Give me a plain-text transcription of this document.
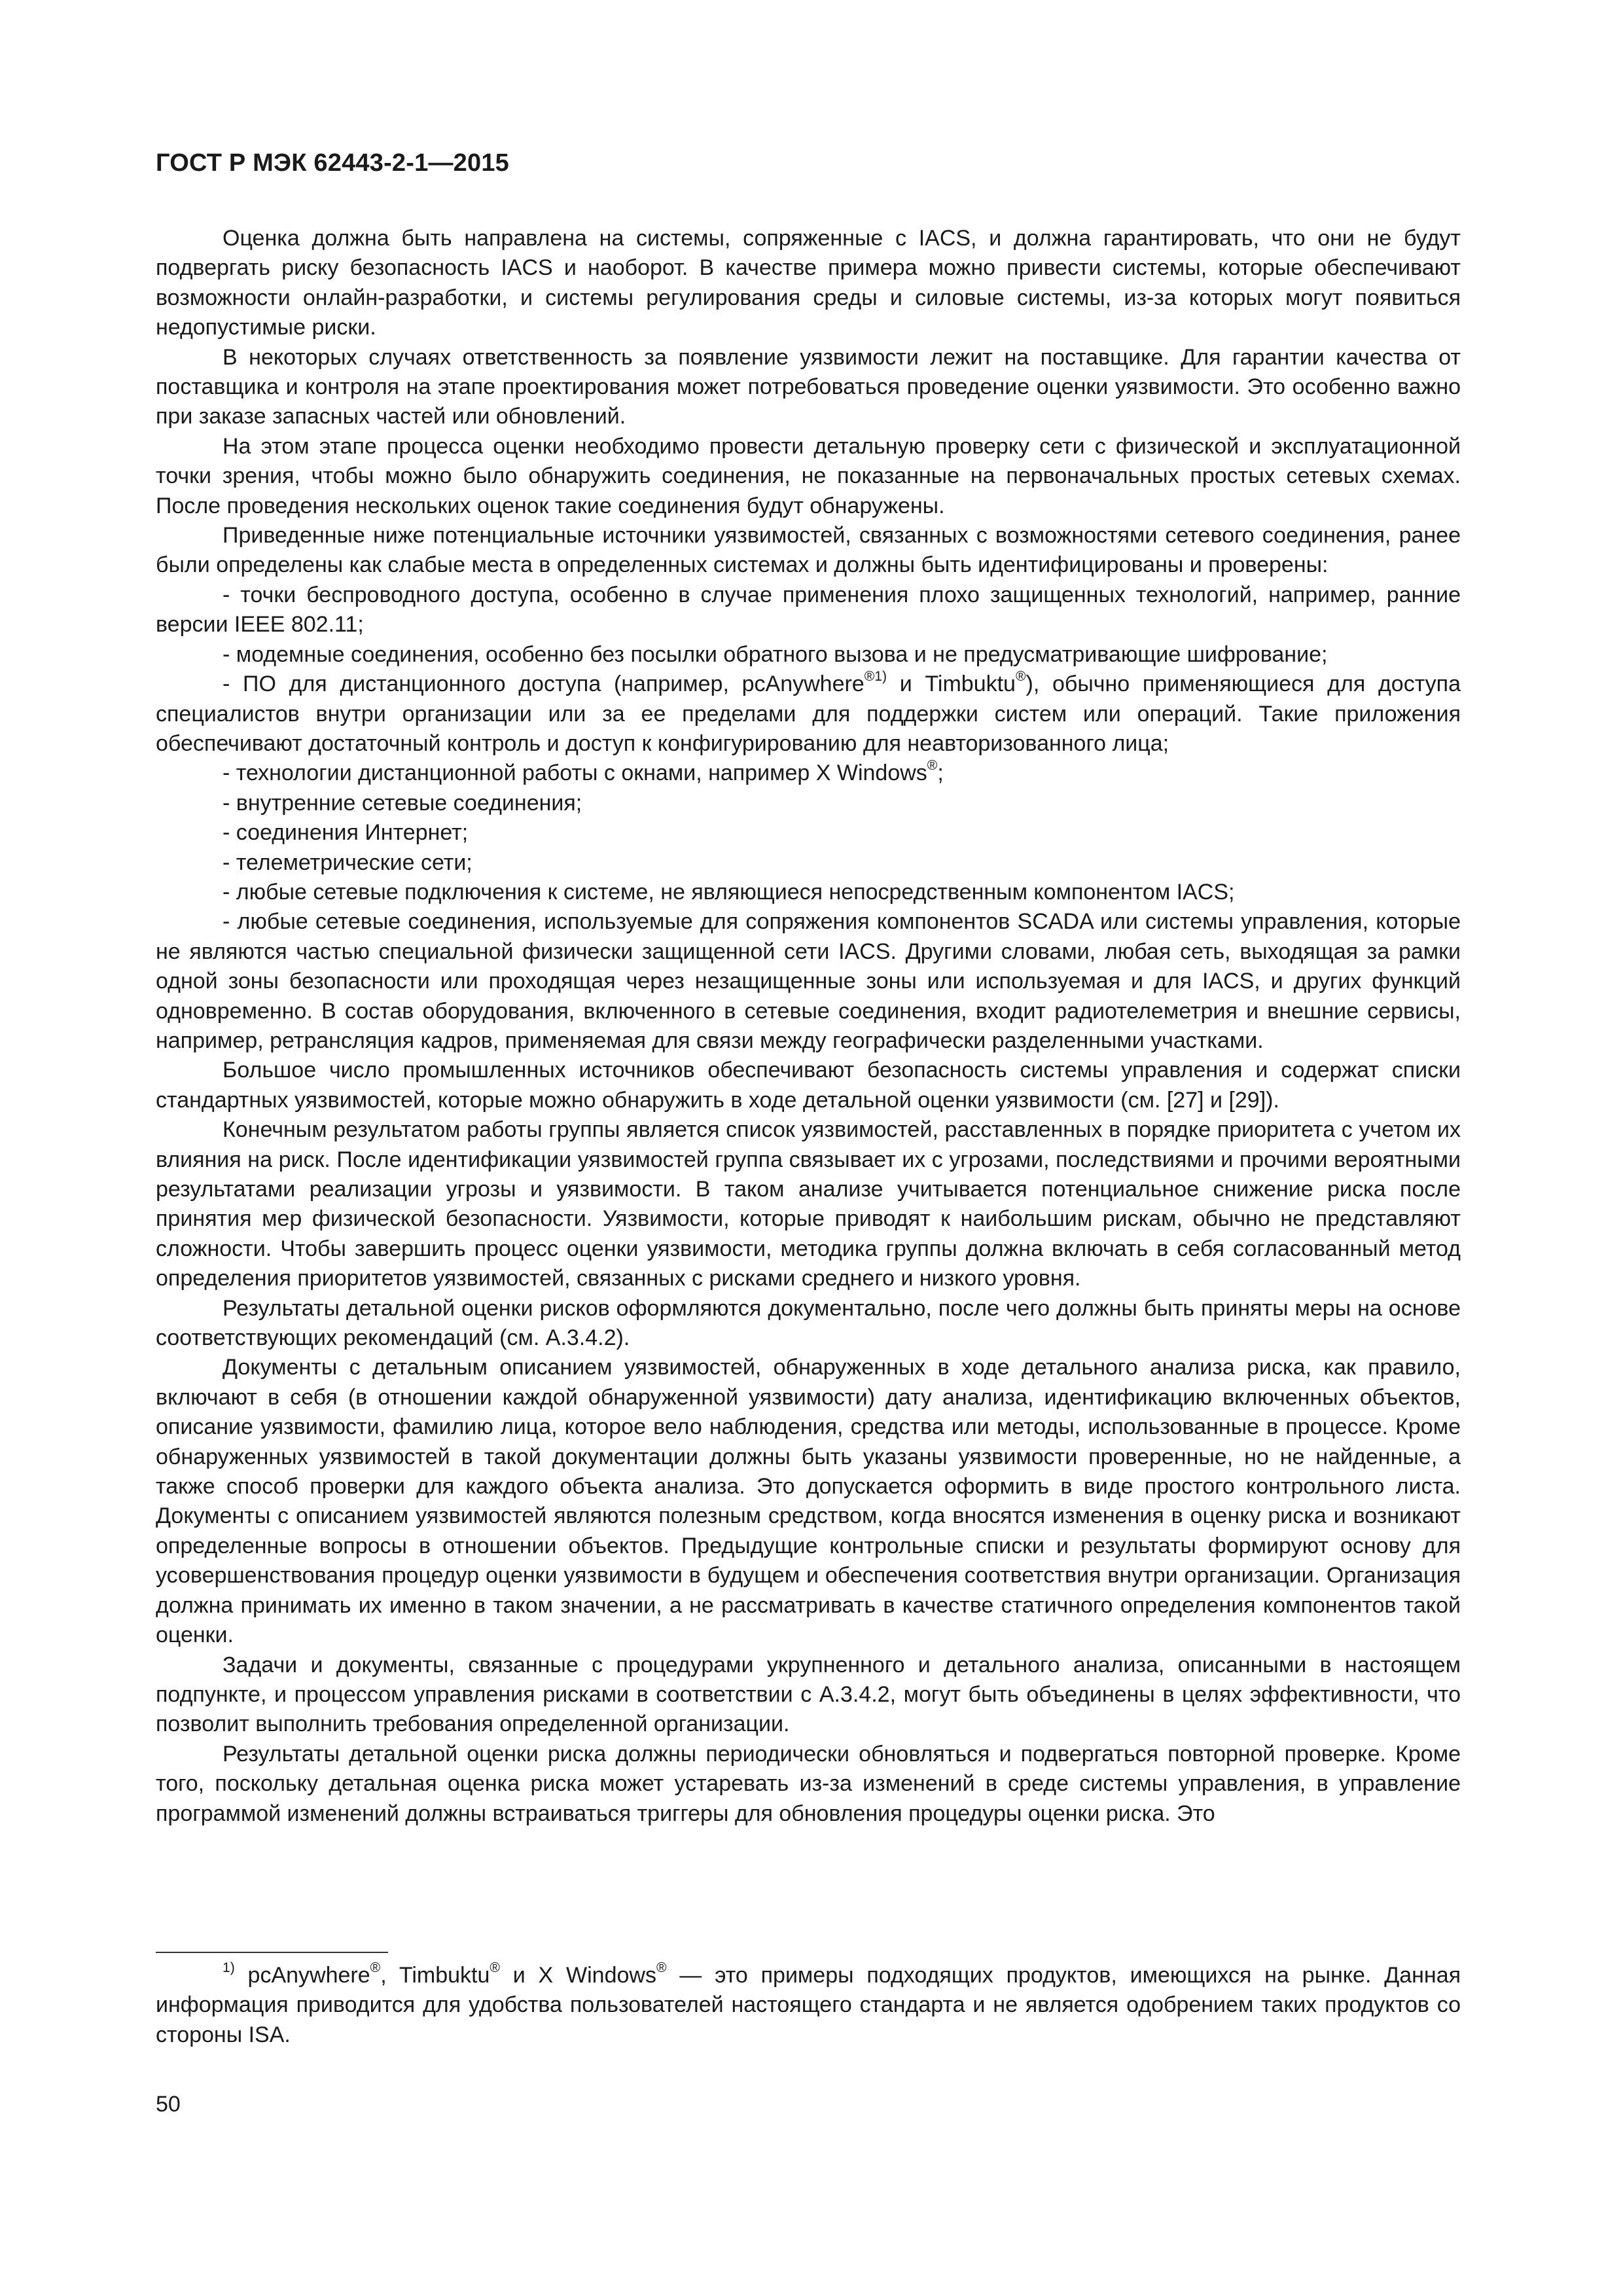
ГОСТ Р МЭК 62443-2-1—2015

Оценка должна быть направлена на системы, сопряженные с IACS, и должна гарантировать, что они не будут подвергать риску безопасность IACS и наоборот. В качестве примера можно привести системы, которые обеспечивают возможности онлайн-разработки, и системы регулирования среды и силовые системы, из-за которых могут появиться недопустимые риски.

В некоторых случаях ответственность за появление уязвимости лежит на поставщике. Для гарантии качества от поставщика и контроля на этапе проектирования может потребоваться проведение оценки уязвимости. Это особенно важно при заказе запасных частей или обновлений.

На этом этапе процесса оценки необходимо провести детальную проверку сети с физической и эксплуатационной точки зрения, чтобы можно было обнаружить соединения, не показанные на первоначальных простых сетевых схемах. После проведения нескольких оценок такие соединения будут обнаружены.

Приведенные ниже потенциальные источники уязвимостей, связанных с возможностями сетевого соединения, ранее были определены как слабые места в определенных системах и должны быть идентифицированы и проверены:

- точки беспроводного доступа, особенно в случае применения плохо защищенных технологий, например, ранние версии IEEE 802.11;

- модемные соединения, особенно без посылки обратного вызова и не предусматривающие шифрование;

- ПО для дистанционного доступа (например, pcAnywhere$^{®1)}$ и Timbuktu®), обычно применяющиеся для доступа специалистов внутри организации или за ее пределами для поддержки систем или операций. Такие приложения обеспечивают достаточный контроль и доступ к конфигурированию для неавторизованного лица;

- технологии дистанционной работы с окнами, например X Windows®;

- внутренние сетевые соединения;

- соединения Интернет;

- телеметрические сети;

- любые сетевые подключения к системе, не являющиеся непосредственным компонентом IACS;

- любые сетевые соединения, используемые для сопряжения компонентов SCADA или системы управления, которые не являются частью специальной физически защищенной сети IACS. Другими словами, любая сеть, выходящая за рамки одной зоны безопасности или проходящая через незащищенные зоны или используемая и для IACS, и других функций одновременно. В состав оборудования, включенного в сетевые соединения, входит радиотелеметрия и внешние сервисы, например, ретрансляция кадров, применяемая для связи между географически разделенными участками.

Большое число промышленных источников обеспечивают безопасность системы управления и содержат списки стандартных уязвимостей, которые можно обнаружить в ходе детальной оценки уязвимости (см. [27] и [29]).

Конечным результатом работы группы является список уязвимостей, расставленных в порядке приоритета с учетом их влияния на риск. После идентификации уязвимостей группа связывает их с угрозами, последствиями и прочими вероятными результатами реализации угрозы и уязвимости. В таком анализе учитывается потенциальное снижение риска после принятия мер физической безопасности. Уязвимости, которые приводят к наибольшим рискам, обычно не представляют сложности. Чтобы завершить процесс оценки уязвимости, методика группы должна включать в себя согласованный метод определения приоритетов уязвимостей, связанных с рисками среднего и низкого уровня.

Результаты детальной оценки рисков оформляются документально, после чего должны быть приняты меры на основе соответствующих рекомендаций (см. А.3.4.2).

Документы с детальным описанием уязвимостей, обнаруженных в ходе детального анализа риска, как правило, включают в себя (в отношении каждой обнаруженной уязвимости) дату анализа, идентификацию включенных объектов, описание уязвимости, фамилию лица, которое вело наблюдения, средства или методы, использованные в процессе. Кроме обнаруженных уязвимостей в такой документации должны быть указаны уязвимости проверенные, но не найденные, а также способ проверки для каждого объекта анализа. Это допускается оформить в виде простого контрольного листа. Документы с описанием уязвимостей являются полезным средством, когда вносятся изменения в оценку риска и возникают определенные вопросы в отношении объектов. Предыдущие контрольные списки и результаты формируют основу для усовершенствования процедур оценки уязвимости в будущем и обеспечения соответствия внутри организации. Организация должна принимать их именно в таком значении, а не рассматривать в качестве статичного определения компонентов такой оценки.

Задачи и документы, связанные с процедурами укрупненного и детального анализа, описанными в настоящем подпункте, и процессом управления рисками в соответствии с А.3.4.2, могут быть объединены в целях эффективности, что позволит выполнить требования определенной организации.

Результаты детальной оценки риска должны периодически обновляться и подвергаться повторной проверке. Кроме того, поскольку детальная оценка риска может устаревать из-за изменений в среде системы управления, в управление программой изменений должны встраиваться триггеры для обновления процедуры оценки риска. Это

$^{1)}$ pcAnywhere®, Timbuktu® и X Windows® — это примеры подходящих продуктов, имеющихся на рынке. Данная информация приводится для удобства пользователей настоящего стандарта и не является одобрением таких продуктов со стороны ISA.

50
